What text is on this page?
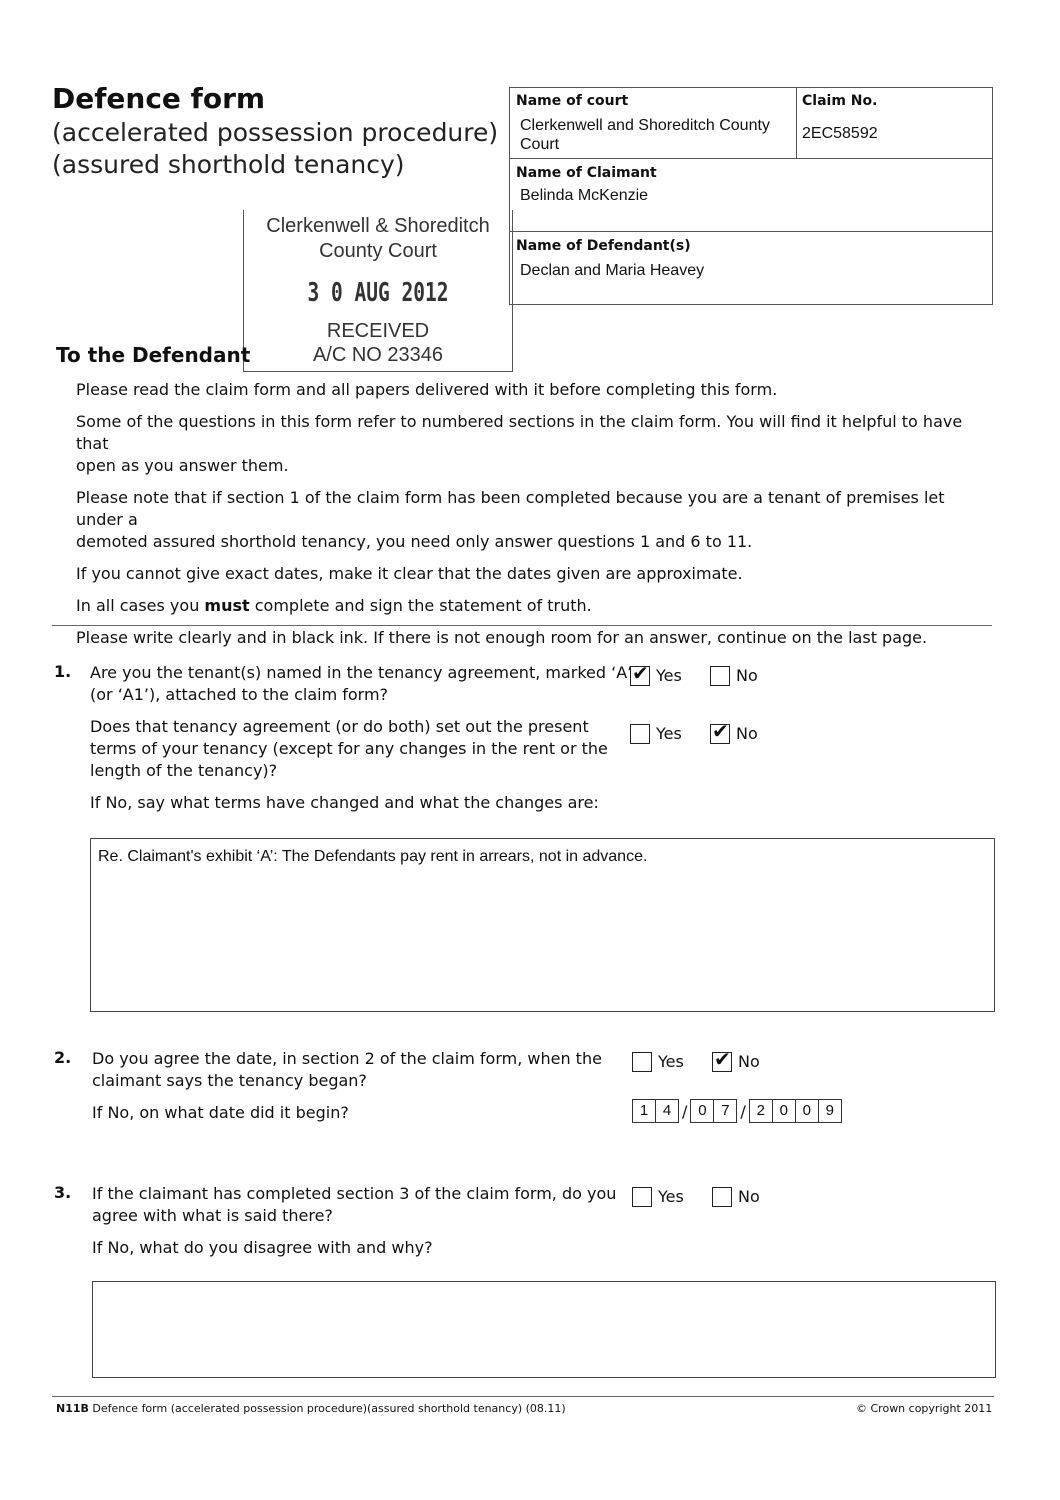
Defence form
(accelerated possession procedure)
(assured shorthold tenancy)
Name of court
Clerkenwell and Shoreditch County
Court
Claim No.
2EC58592
Name of Claimant
Belinda McKenzie
Name of Defendant(s)
Declan and Maria Heavey
Clerkenwell & Shoreditch
County Court
3 0 AUG 2012
RECEIVED
A/C NO 23346
To the Defendant

Please read the claim form and all papers delivered with it before completing this form.

Some of the questions in this form refer to numbered sections in the claim form. You will find it helpful to have that

open as you answer them.

Please note that if section 1 of the claim form has been completed because you are a tenant of premises let under a

demoted assured shorthold tenancy, you need only answer questions 1 and 6 to 11.

If you cannot give exact dates, make it clear that the dates given are approximate.

In all cases you must complete and sign the statement of truth.

Please write clearly and in black ink. If there is not enough room for an answer, continue on the last page.

1. Are you the tenant(s) named in the tenancy agreement, marked ‘A’
(or ‘A1’), attached to the claim form?
✔ Yes	No
Does that tenancy agreement (or do both) set out the present
terms of your tenancy (except for any changes in the rent or the
length of the tenancy)?
Yes ✔ No
If No, say what terms have changed and what the changes are:
Re. Claimant's exhibit ‘A’: The Defendants pay rent in arrears, not in advance.
2. Do you agree the date, in section 2 of the claim form, when the
claimant says the tenancy began?
Yes ✔ No
If No, on what date did it begin?	1 4 / 0 7 / 2 0 0 9
3. If the claimant has completed section 3 of the claim form, do you
agree with what is said there?
Yes	No
If No, what do you disagree with and why?
N11B Defence form (accelerated possession procedure)(assured shorthold tenancy) (08.11)	© Crown copyright 2011
